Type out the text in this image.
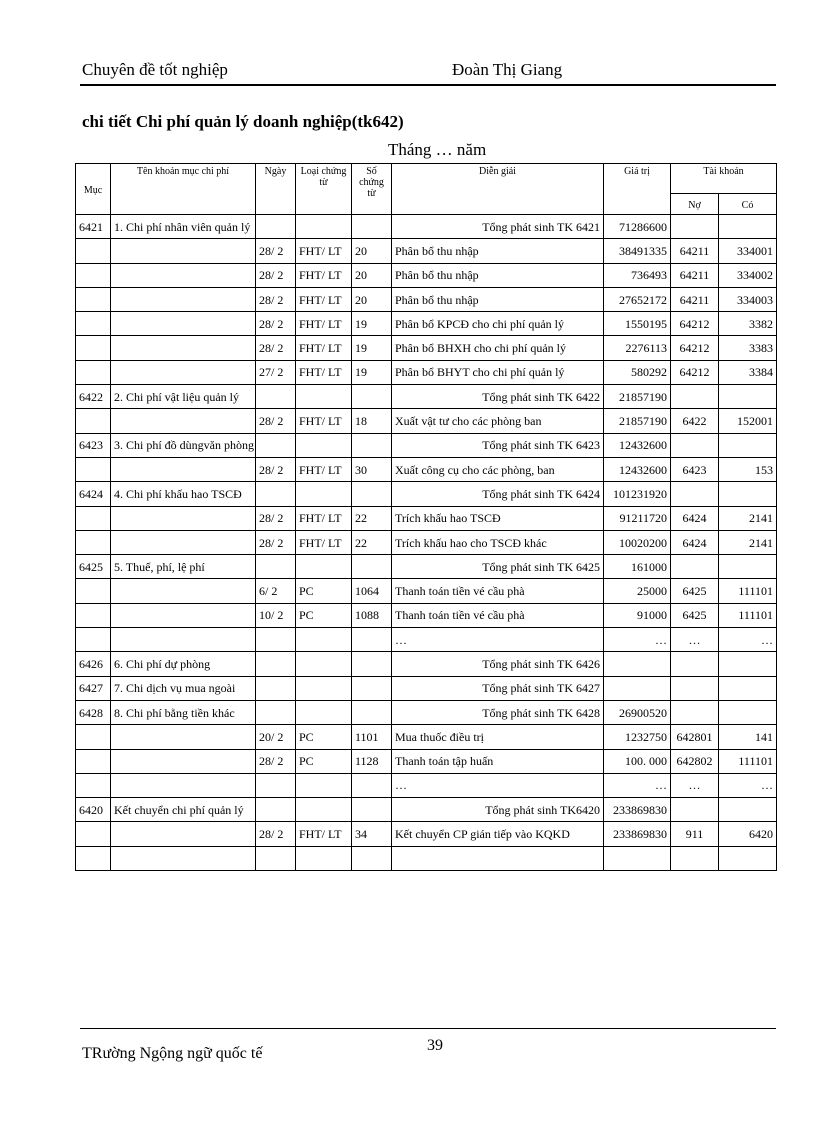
Chuyên đề tốt nghiệp	Đoàn Thị Giang
chi tiết Chi phí quản lý doanh nghiệp(tk642)
Tháng … năm
Mục	Tên khoản mục chi phí	Ngày	Loại chứng từ	Số chứng từ	Diễn giải	Giá trị	Tài khoản	
							Nợ	Có
6421	1. Chi phí nhân viên quản lý				Tổng phát sinh TK 6421	71286600		
		28/ 2	FHT/ LT	20	Phân bổ thu nhập	38491335	64211	334001
		28/ 2	FHT/ LT	20	Phân bổ thu nhập	736493	64211	334002
		28/ 2	FHT/ LT	20	Phân bổ thu nhập	27652172	64211	334003
		28/ 2	FHT/ LT	19	Phân bổ KPCĐ cho chi phí quản lý	1550195	64212	3382
		28/ 2	FHT/ LT	19	Phân bổ BHXH cho chi phí quản lý	2276113	64212	3383
		27/ 2	FHT/ LT	19	Phân bổ BHYT cho chi phí quản lý	580292	64212	3384
6422	2. Chi phí vật liệu quản lý				Tổng phát sinh TK 6422	21857190		
		28/ 2	FHT/ LT	18	Xuất vật tư cho các phòng ban	21857190	6422	152001
6423	3. Chi phí đồ dùngvăn phòng				Tổng phát sinh TK 6423	12432600		
		28/ 2	FHT/ LT	30	Xuất công cụ cho các phòng, ban	12432600	6423	153
6424	4. Chi phí khấu hao TSCĐ				Tổng phát sinh TK 6424	101231920		
		28/ 2	FHT/ LT	22	Trích khấu hao TSCĐ	91211720	6424	2141
		28/ 2	FHT/ LT	22	Trích khấu hao cho TSCĐ khác	10020200	6424	2141
6425	5. Thuế, phí, lệ phí				Tổng phát sinh TK 6425	161000		
		6/ 2	PC	1064	Thanh toán tiền vé cầu phà	25000	6425	111101
		10/ 2	PC	1088	Thanh toán tiền vé cầu phà	91000	6425	111101
					…	…	…	…
6426	6. Chi phí dự phòng				Tổng phát sinh TK 6426			
6427	7. Chi dịch vụ mua ngoài				Tổng phát sinh TK 6427			
6428	8. Chi phí bằng tiền khác				Tổng phát sinh TK 6428	26900520		
		20/ 2	PC	1101	Mua thuốc điều trị	1232750	642801	141
		28/ 2	PC	1128	Thanh toán tập huấn	100. 000	642802	111101
					…	…	…	…
6420	Kết chuyển chi phí quản lý				Tổng phát sinh TK6420	233869830		
		28/ 2	FHT/ LT	34	Kết chuyển CP gián tiếp vào KQKD	233869830	911	6420

TRường Ngộng ngữ quốc tế	39
